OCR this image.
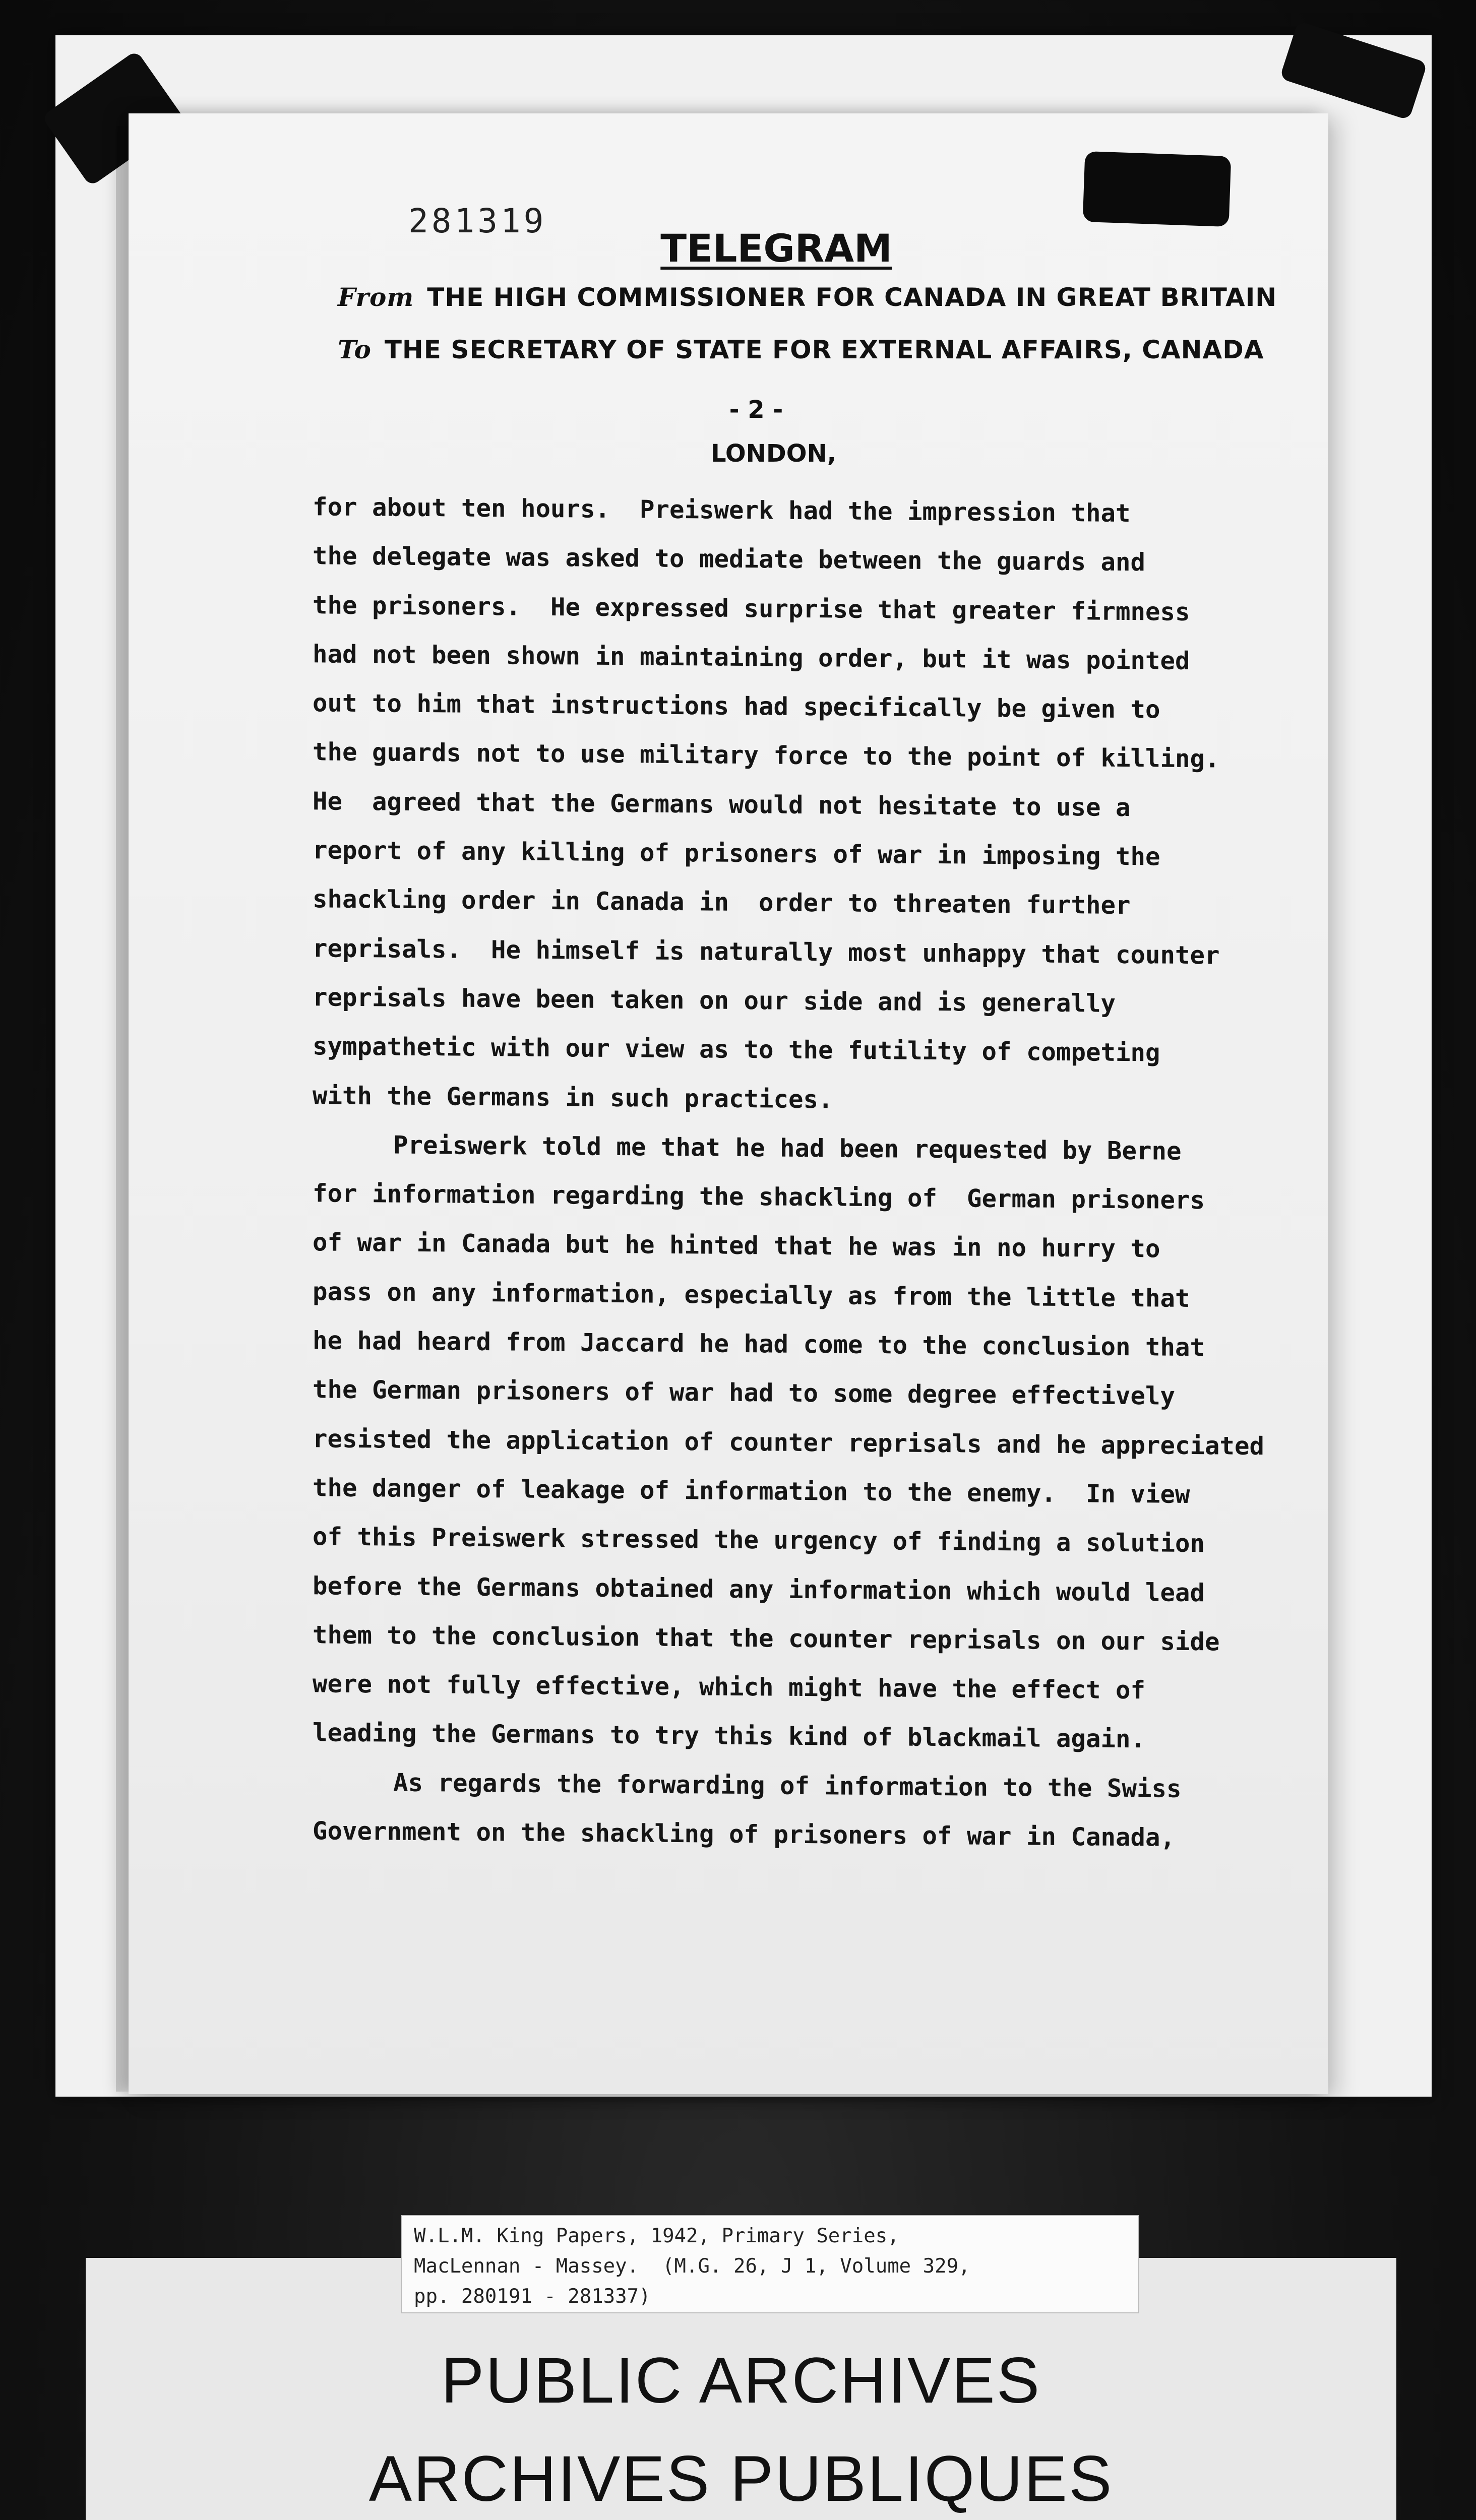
281319
TELEGRAM
From THE HIGH COMMISSIONER FOR CANADA IN GREAT BRITAIN
To THE SECRETARY OF STATE FOR EXTERNAL AFFAIRS, CANADA
- 2 -
LONDON,
for about ten hours.  Preiswerk had the impression that
the delegate was asked to mediate between the guards and
the prisoners.  He expressed surprise that greater firmness
had not been shown in maintaining order, but it was pointed
out to him that instructions had specifically be given to
the guards not to use military force to the point of killing.
He  agreed that the Germans would not hesitate to use a
report of any killing of prisoners of war in imposing the
shackling order in Canada in  order to threaten further
reprisals.  He himself is naturally most unhappy that counter
reprisals have been taken on our side and is generally
sympathetic with our view as to the futility of competing
with the Germans in such practices.
Preiswerk told me that he had been requested by Berne
for information regarding the shackling of  German prisoners
of war in Canada but he hinted that he was in no hurry to
pass on any information, especially as from the little that
he had heard from Jaccard he had come to the conclusion that
the German prisoners of war had to some degree effectively
resisted the application of counter reprisals and he appreciated
the danger of leakage of information to the enemy.  In view
of this Preiswerk stressed the urgency of finding a solution
before the Germans obtained any information which would lead
them to the conclusion that the counter reprisals on our side
were not fully effective, which might have the effect of
leading the Germans to try this kind of blackmail again.
As regards the forwarding of information to the Swiss
Government on the shackling of prisoners of war in Canada,
PUBLIC ARCHIVES
ARCHIVES PUBLIQUES
W.L.M. King Papers, 1942, Primary Series,
MacLennan - Massey.  (M.G. 26, J 1, Volume 329,
pp. 280191 - 281337)
